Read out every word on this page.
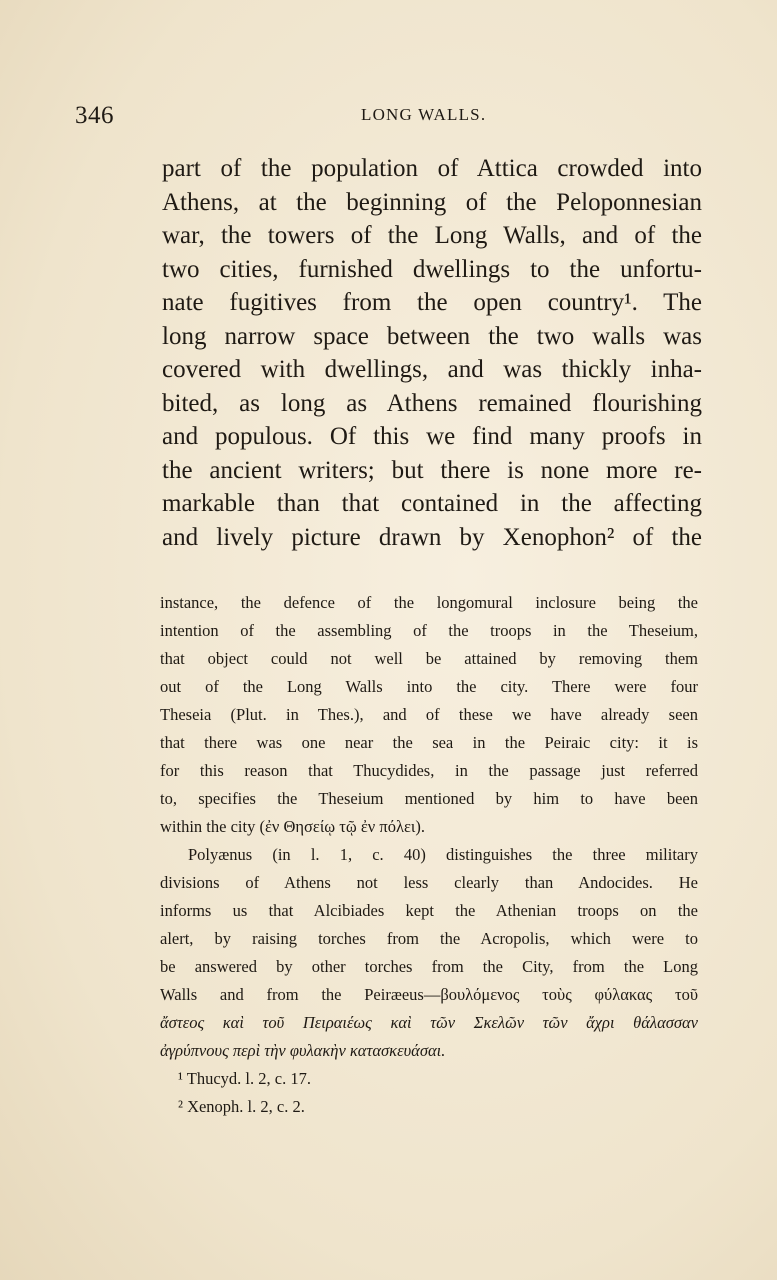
346	LONG WALLS.
part of the population of Attica crowded into
Athens, at the beginning of the Peloponnesian
war, the towers of the Long Walls, and of the
two cities, furnished dwellings to the unfortu-
nate fugitives from the open country¹. The
long narrow space between the two walls was
covered with dwellings, and was thickly inha-
bited, as long as Athens remained flourishing
and populous. Of this we find many proofs in
the ancient writers; but there is none more re-
markable than that contained in the affecting
and lively picture drawn by Xenophon² of the
instance, the defence of the longomural inclosure being the
intention of the assembling of the troops in the Theseium,
that object could not well be attained by removing them
out of the Long Walls into the city. There were four
Theseia (Plut. in Thes.), and of these we have already seen
that there was one near the sea in the Peiraic city: it is
for this reason that Thucydides, in the passage just referred
to, specifies the Theseium mentioned by him to have been
within the city (ἐν Θησείῳ τῷ ἐν πόλει).
Polyænus (in l. 1, c. 40) distinguishes the three military
divisions of Athens not less clearly than Andocides. He
informs us that Alcibiades kept the Athenian troops on the
alert, by raising torches from the Acropolis, which were to
be answered by other torches from the City, from the Long
Walls and from the Peiræeus—βουλόμενος τοὺς φύλακας τοῦ
ἄστεος καὶ τοῦ Πειραιέως καὶ τῶν Σκελῶν τῶν ἄχρι θάλασσαν
ἀγρύπνους περὶ τὴν φυλακὴν κατασκευάσαι.
¹ Thucyd. l. 2, c. 17.
² Xenoph. l. 2, c. 2.
